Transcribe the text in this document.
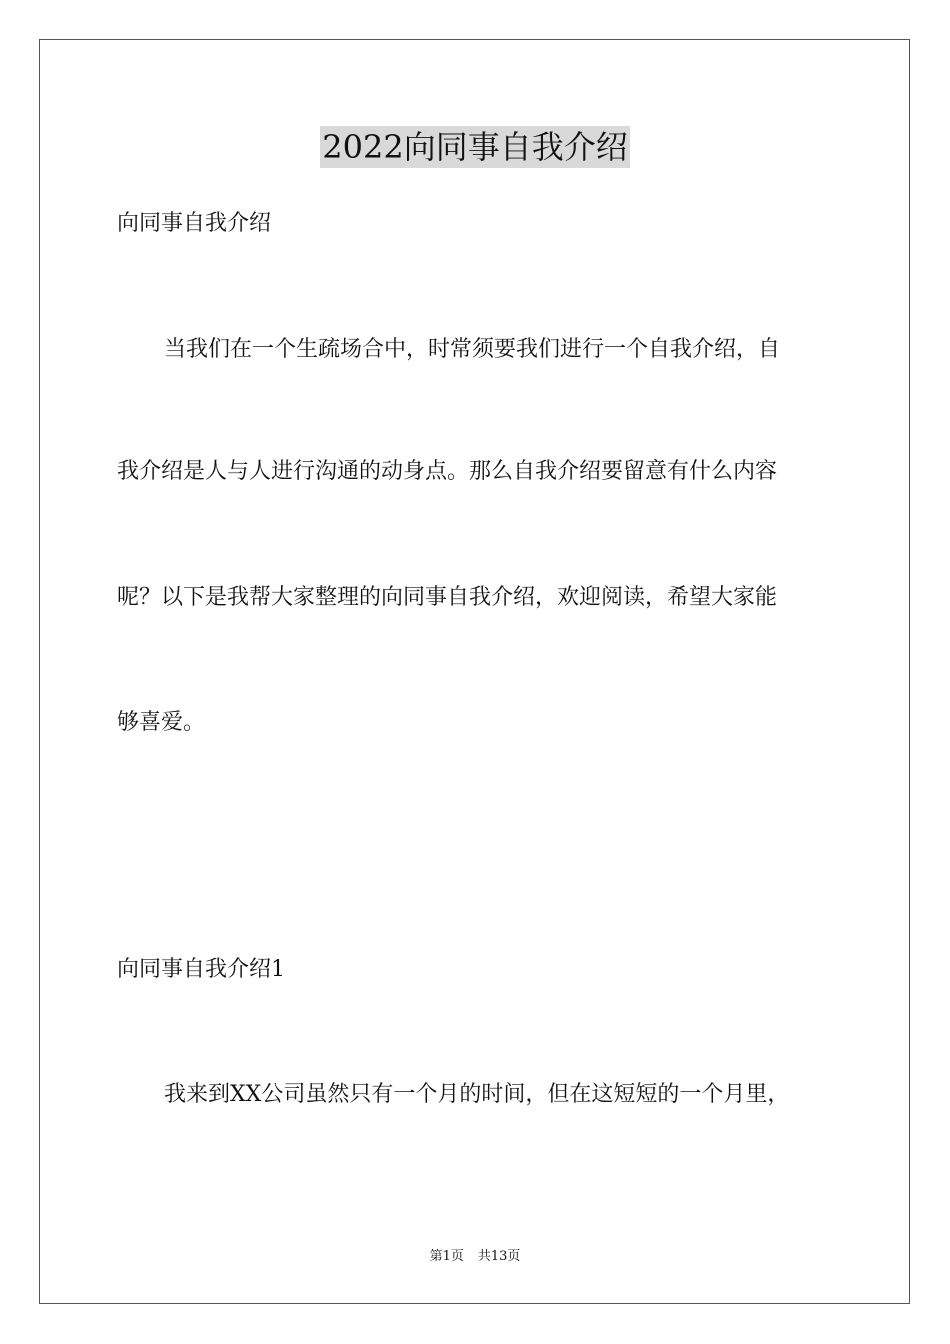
2022向同事自我介绍

向同事自我介绍

当我们在一个生疏场合中，时常须要我们进行一个自我介绍，自

我介绍是人与人进行沟通的动身点。那么自我介绍要留意有什么内容

呢？以下是我帮大家整理的向同事自我介绍，欢迎阅读，希望大家能

够喜爱。

向同事自我介绍1

我来到XX公司虽然只有一个月的时间，但在这短短的一个月里，

第1页 共13页
